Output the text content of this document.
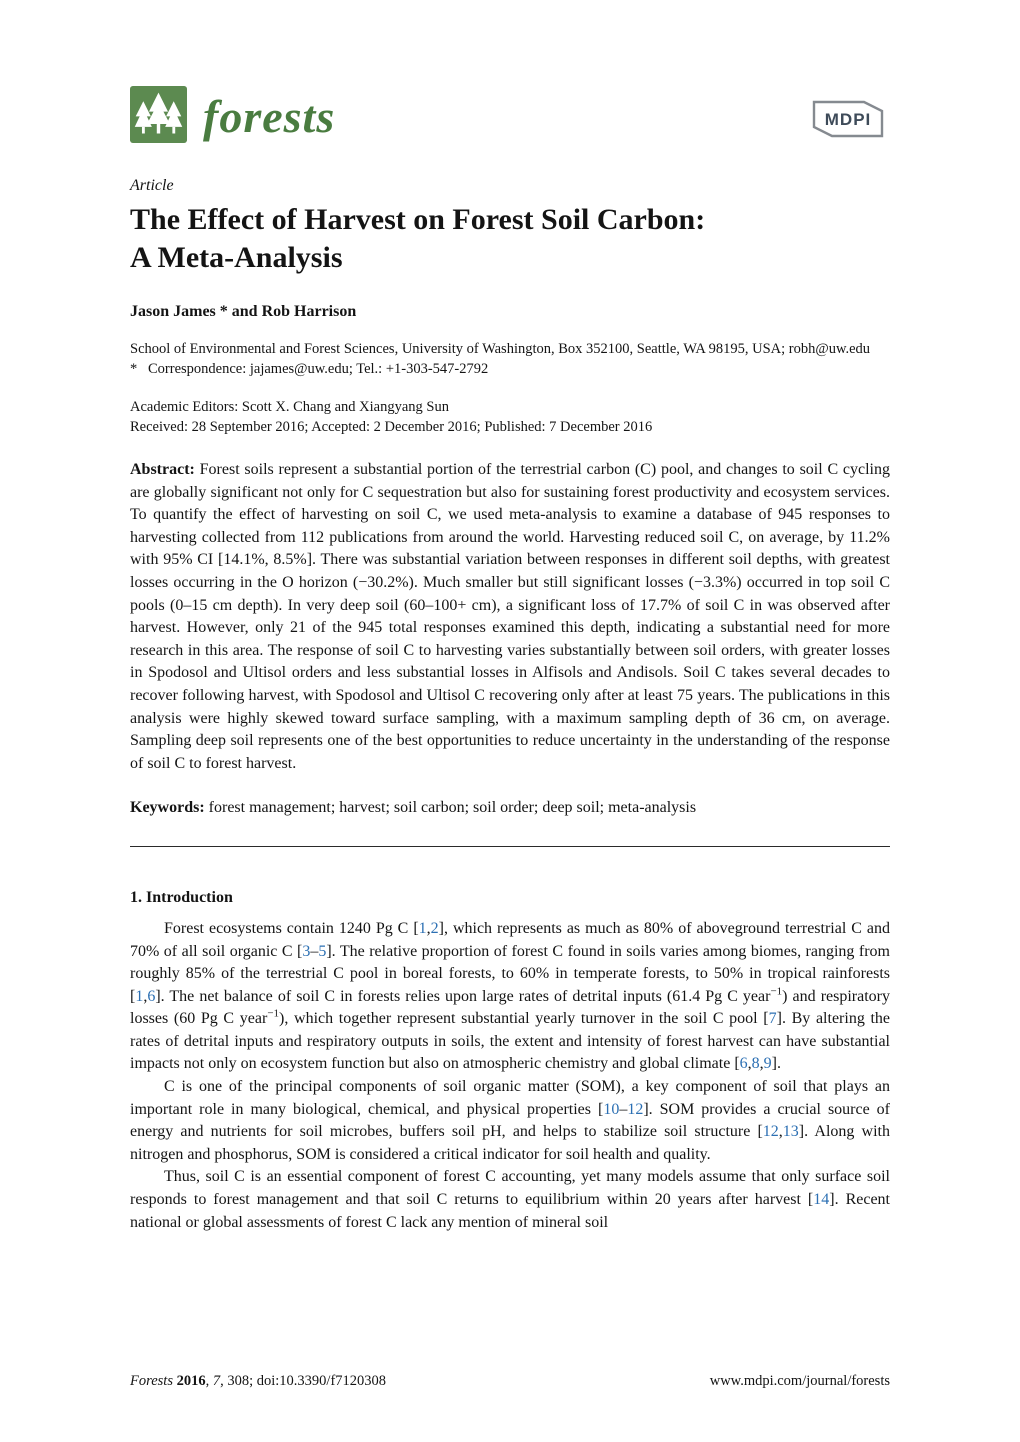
forests	MDPI
Article
The Effect of Harvest on Forest Soil Carbon:
A Meta-Analysis
Jason James * and Rob Harrison
School of Environmental and Forest Sciences, University of Washington, Box 352100, Seattle, WA 98195, USA; robh@uw.edu
* Correspondence: jajames@uw.edu; Tel.: +1-303-547-2792
Academic Editors: Scott X. Chang and Xiangyang Sun
Received: 28 September 2016; Accepted: 2 December 2016; Published: 7 December 2016

Abstract: Forest soils represent a substantial portion of the terrestrial carbon (C) pool, and changes to soil C cycling are globally significant not only for C sequestration but also for sustaining forest productivity and ecosystem services. To quantify the effect of harvesting on soil C, we used meta-analysis to examine a database of 945 responses to harvesting collected from 112 publications from around the world. Harvesting reduced soil C, on average, by 11.2% with 95% CI [14.1%, 8.5%]. There was substantial variation between responses in different soil depths, with greatest losses occurring in the O horizon (−30.2%). Much smaller but still significant losses (−3.3%) occurred in top soil C pools (0–15 cm depth). In very deep soil (60–100+ cm), a significant loss of 17.7% of soil C in was observed after harvest. However, only 21 of the 945 total responses examined this depth, indicating a substantial need for more research in this area. The response of soil C to harvesting varies substantially between soil orders, with greater losses in Spodosol and Ultisol orders and less substantial losses in Alfisols and Andisols. Soil C takes several decades to recover following harvest, with Spodosol and Ultisol C recovering only after at least 75 years. The publications in this analysis were highly skewed toward surface sampling, with a maximum sampling depth of 36 cm, on average. Sampling deep soil represents one of the best opportunities to reduce uncertainty in the understanding of the response of soil C to forest harvest.

Keywords: forest management; harvest; soil carbon; soil order; deep soil; meta-analysis

1. Introduction

Forest ecosystems contain 1240 Pg C [1,2], which represents as much as 80% of aboveground terrestrial C and 70% of all soil organic C [3–5]. The relative proportion of forest C found in soils varies among biomes, ranging from roughly 85% of the terrestrial C pool in boreal forests, to 60% in temperate forests, to 50% in tropical rainforests [1,6]. The net balance of soil C in forests relies upon large rates of detrital inputs (61.4 Pg C year$^{-1}$) and respiratory losses (60 Pg C year$^{-1}$), which together represent substantial yearly turnover in the soil C pool [7]. By altering the rates of detrital inputs and respiratory outputs in soils, the extent and intensity of forest harvest can have substantial impacts not only on ecosystem function but also on atmospheric chemistry and global climate [6,8,9].

C is one of the principal components of soil organic matter (SOM), a key component of soil that plays an important role in many biological, chemical, and physical properties [10–12]. SOM provides a crucial source of energy and nutrients for soil microbes, buffers soil pH, and helps to stabilize soil structure [12,13]. Along with nitrogen and phosphorus, SOM is considered a critical indicator for soil health and quality.

Thus, soil C is an essential component of forest C accounting, yet many models assume that only surface soil responds to forest management and that soil C returns to equilibrium within 20 years after harvest [14]. Recent national or global assessments of forest C lack any mention of mineral soil

Forests 2016, 7, 308; doi:10.3390/f7120308	www.mdpi.com/journal/forests
